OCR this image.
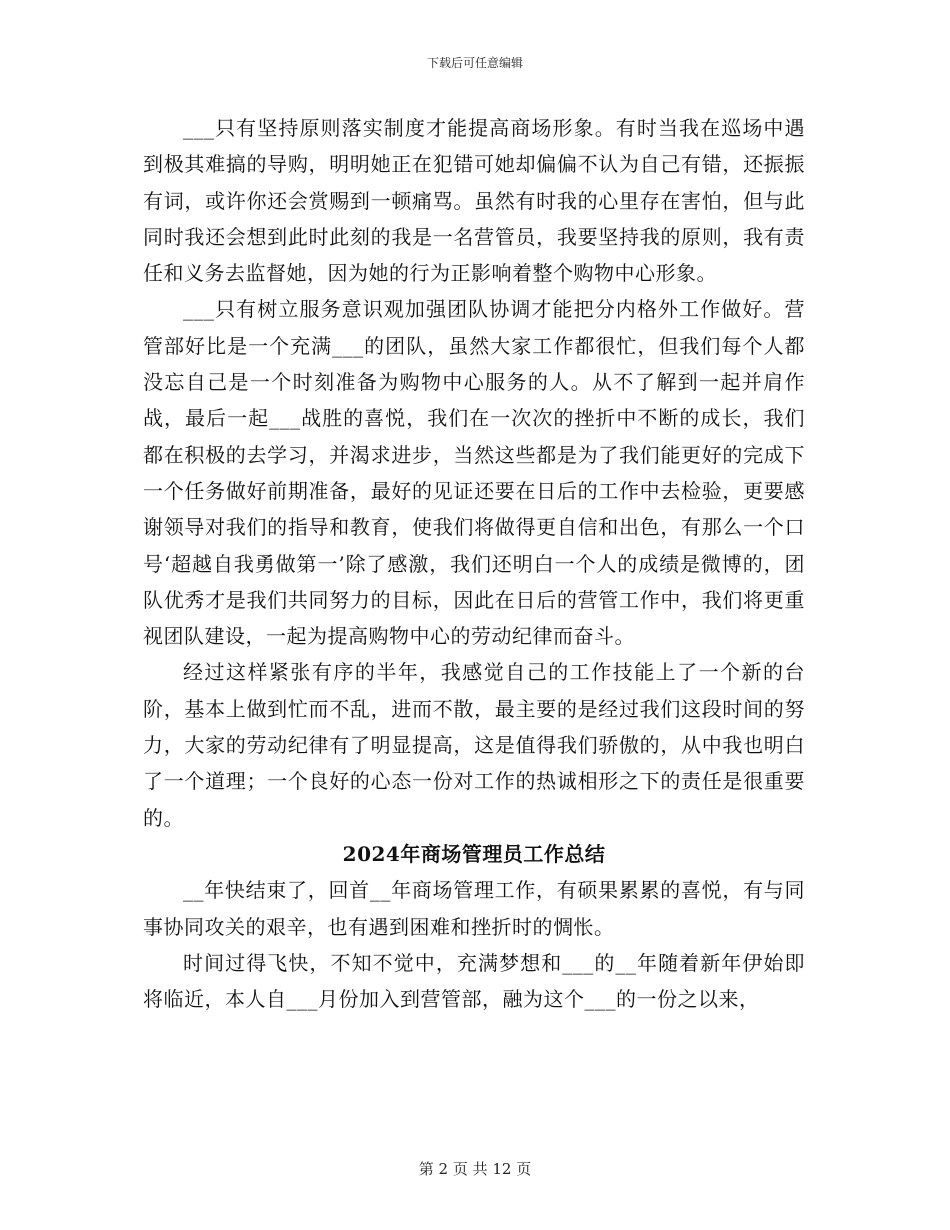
下载后可任意编辑

___只有坚持原则落实制度才能提高商场形象。有时当我在巡场中遇到极其难搞的导购，明明她正在犯错可她却偏偏不认为自己有错，还振振有词，或许你还会赏赐到一顿痛骂。虽然有时我的心里存在害怕，但与此同时我还会想到此时此刻的我是一名营管员，我要坚持我的原则，我有责任和义务去监督她，因为她的行为正影响着整个购物中心形象。

___只有树立服务意识观加强团队协调才能把分内格外工作做好。营管部好比是一个充满___的团队，虽然大家工作都很忙，但我们每个人都没忘自己是一个时刻准备为购物中心服务的人。从不了解到一起并肩作战，最后一起___战胜的喜悦，我们在一次次的挫折中不断的成长，我们都在积极的去学习，并渴求进步，当然这些都是为了我们能更好的完成下一个任务做好前期准备，最好的见证还要在日后的工作中去检验，更要感谢领导对我们的指导和教育，使我们将做得更自信和出色，有那么一个口号‘超越自我勇做第一’除了感激，我们还明白一个人的成绩是微博的，团队优秀才是我们共同努力的目标，因此在日后的营管工作中，我们将更重视团队建设，一起为提高购物中心的劳动纪律而奋斗。

经过这样紧张有序的半年，我感觉自己的工作技能上了一个新的台阶，基本上做到忙而不乱，进而不散，最主要的是经过我们这段时间的努力，大家的劳动纪律有了明显提高，这是值得我们骄傲的，从中我也明白了一个道理；一个良好的心态一份对工作的热诚相形之下的责任是很重要的。

2024年商场管理员工作总结

__年快结束了，回首__年商场管理工作，有硕果累累的喜悦，有与同事协同攻关的艰辛，也有遇到困难和挫折时的惆怅。

时间过得飞快，不知不觉中，充满梦想和___的__年随着新年伊始即将临近，本人自___月份加入到营管部，融为这个___的一份之以来，

第 2 页 共 12 页
